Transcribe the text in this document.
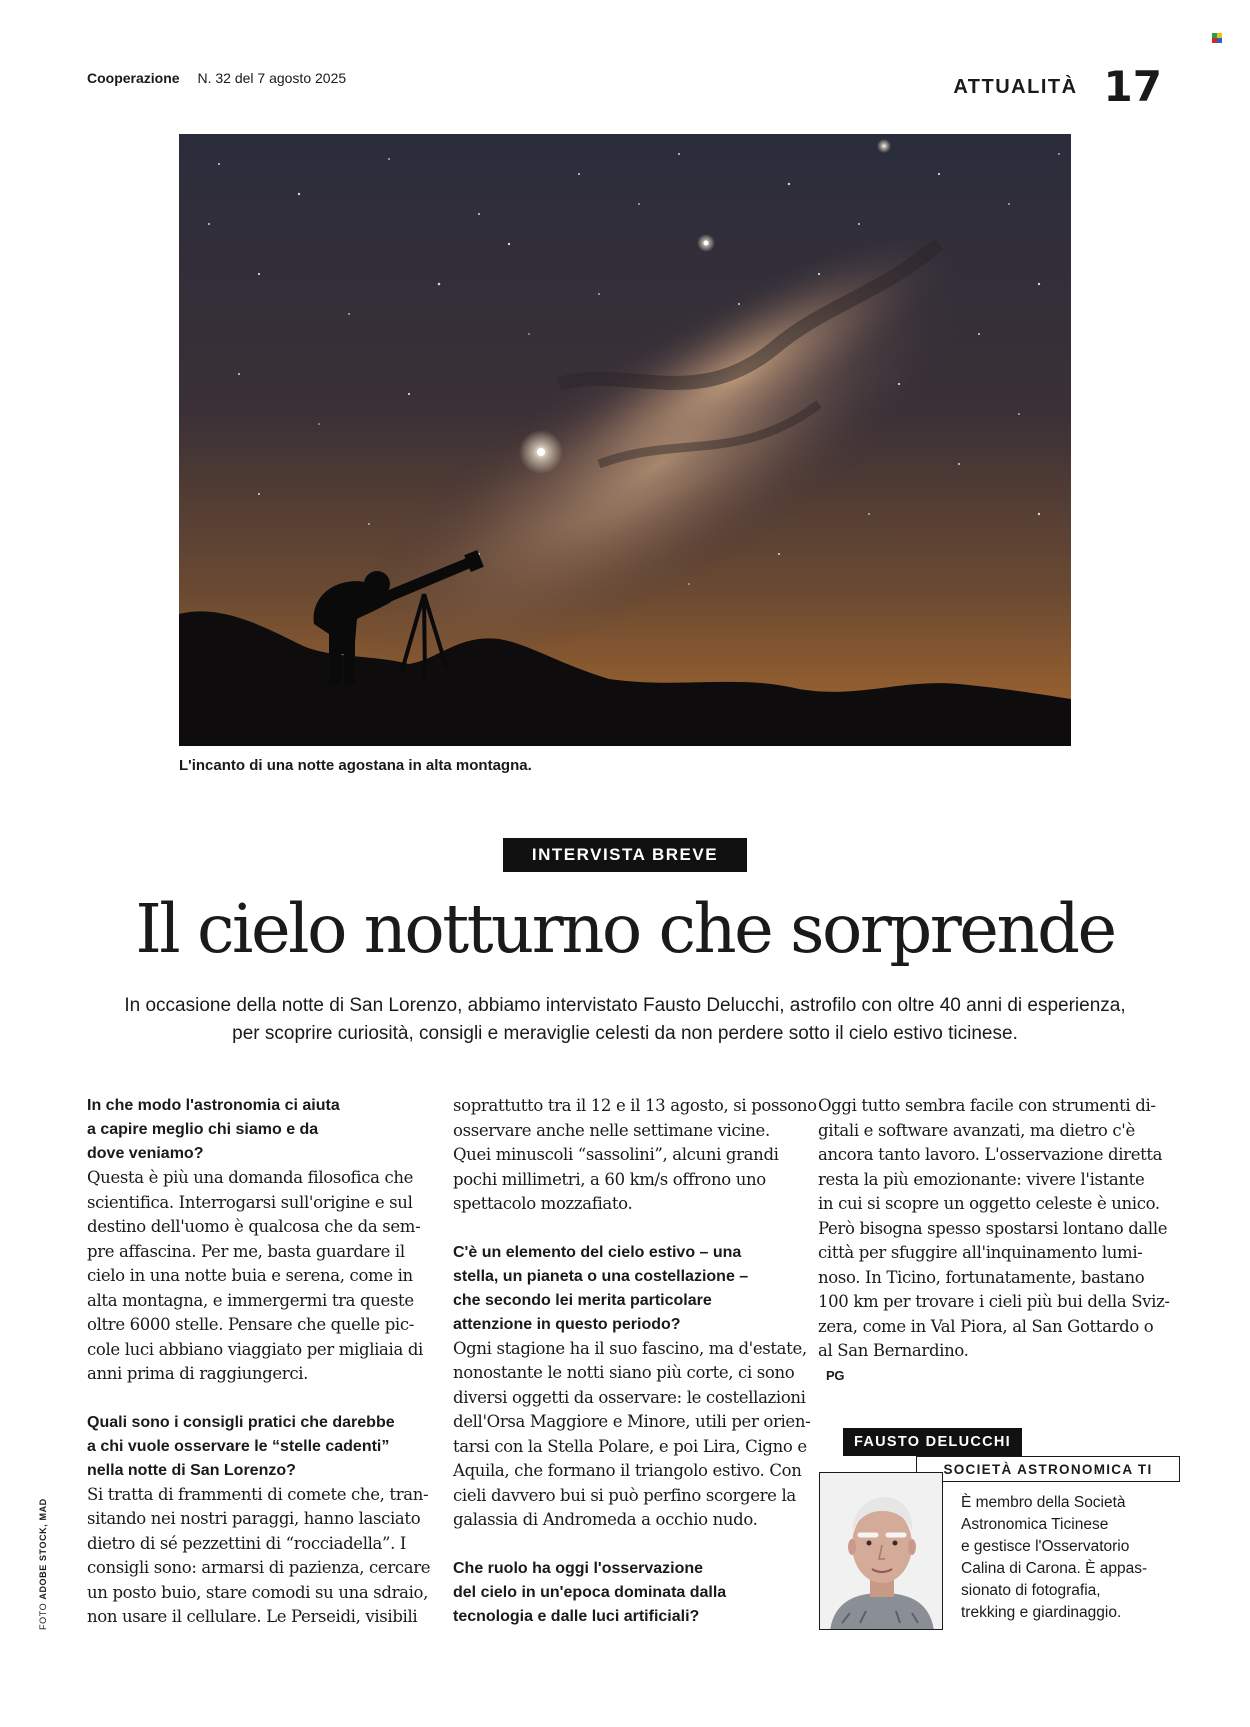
Cooperazione N. 32 del 7 agosto 2025	ATTUALITÀ 17
L'incanto di una notte agostana in alta montagna.
INTERVISTA BREVE
Il cielo notturno che sorprende
In occasione della notte di San Lorenzo, abbiamo intervistato Fausto Delucchi, astrofilo con oltre 40 anni di esperienza,
per scoprire curiosità, consigli e meraviglie celesti da non perdere sotto il cielo estivo ticinese.
In che modo l'astronomia ci aiuta
a capire meglio chi siamo e da
dove veniamo?
Questa è più una domanda filosofica che
scientifica. Interrogarsi sull'origine e sul
destino dell'uomo è qualcosa che da sem-
pre affascina. Per me, basta guardare il
cielo in una notte buia e serena, come in
alta montagna, e immergermi tra queste
oltre 6000 stelle. Pensare che quelle pic-
cole luci abbiano viaggiato per migliaia di
anni prima di raggiungerci.
Quali sono i consigli pratici che darebbe
a chi vuole osservare le “stelle cadenti”
nella notte di San Lorenzo?
Si tratta di frammenti di comete che, tran-
sitando nei nostri paraggi, hanno lasciato
dietro di sé pezzettini di “rocciadella”. I
consigli sono: armarsi di pazienza, cercare
un posto buio, stare comodi su una sdraio,
non usare il cellulare. Le Perseidi, visibili
soprattutto tra il 12 e il 13 agosto, si possono
osservare anche nelle settimane vicine.
Quei minuscoli “sassolini”, alcuni grandi
pochi millimetri, a 60 km/s offrono uno
spettacolo mozzafiato.
C'è un elemento del cielo estivo – una
stella, un pianeta o una costellazione –
che secondo lei merita particolare
attenzione in questo periodo?
Ogni stagione ha il suo fascino, ma d'estate,
nonostante le notti siano più corte, ci sono
diversi oggetti da osservare: le costellazioni
dell'Orsa Maggiore e Minore, utili per orien-
tarsi con la Stella Polare, e poi Lira, Cigno e
Aquila, che formano il triangolo estivo. Con
cieli davvero bui si può perfino scorgere la
galassia di Andromeda a occhio nudo.
Che ruolo ha oggi l'osservazione
del cielo in un'epoca dominata dalla
tecnologia e dalle luci artificiali?
Oggi tutto sembra facile con strumenti di-
gitali e software avanzati, ma dietro c'è
ancora tanto lavoro. L'osservazione diretta
resta la più emozionante: vivere l'istante
in cui si scopre un oggetto celeste è unico.
Però bisogna spesso spostarsi lontano dalle
città per sfuggire all'inquinamento lumi-
noso. In Ticino, fortunatamente, bastano
100 km per trovare i cieli più bui della Sviz-
zera, come in Val Piora, al San Gottardo o
al San Bernardino.
PG
FAUSTO DELUCCHI
SOCIETÀ ASTRONOMICA TI
È membro della Società
Astronomica Ticinese
e gestisce l'Osservatorio
Calina di Carona. È appas-
sionato di fotografia,
trekking e giardinaggio.
FOTO ADOBE STOCK, MAD
